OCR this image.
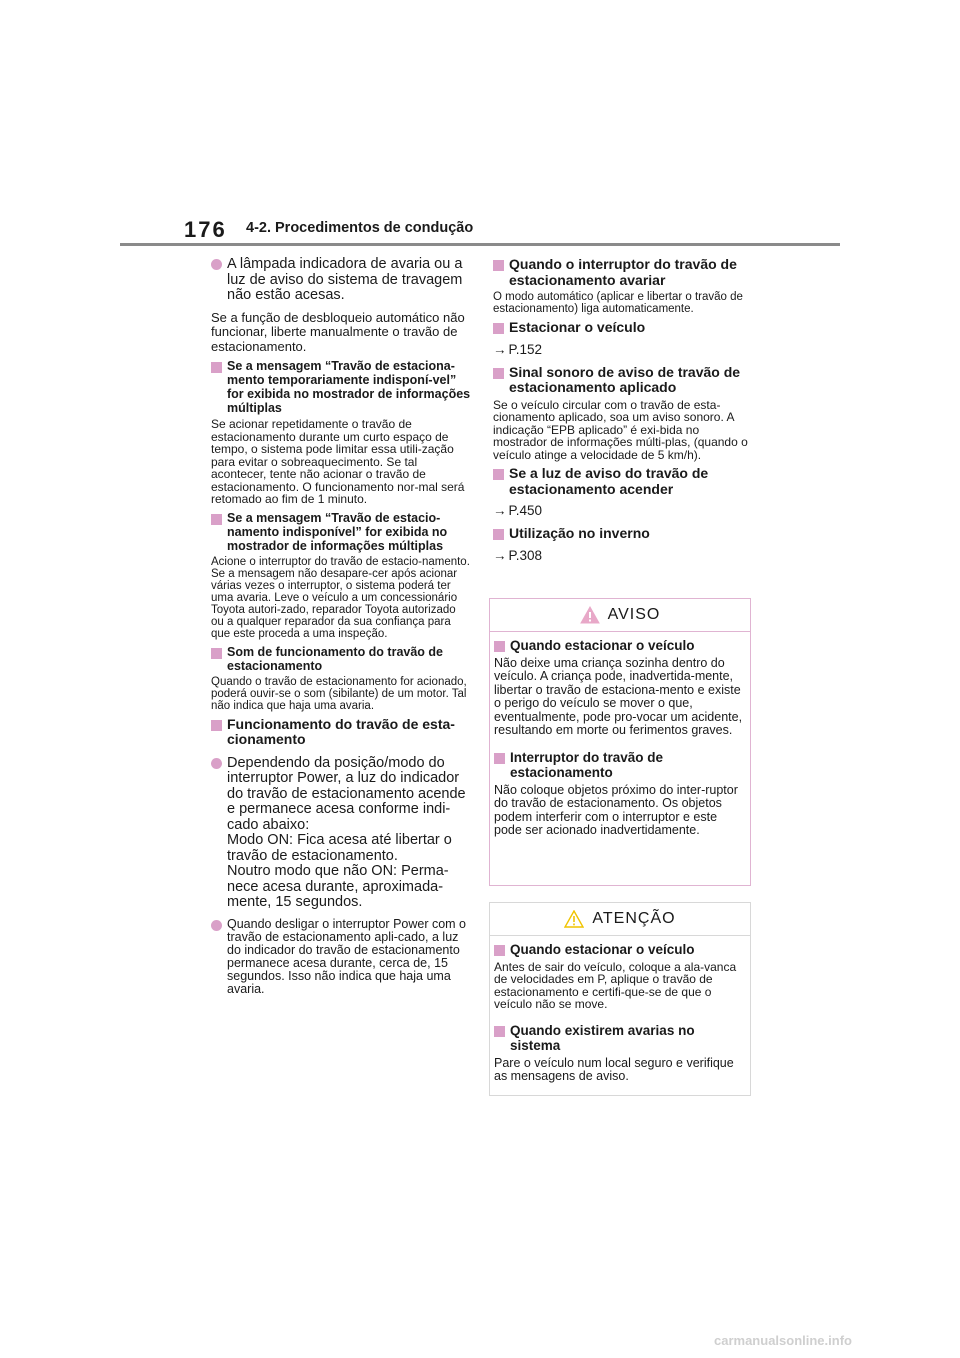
176 4-2. Procedimentos de condução
A lâmpada indicadora de avaria ou a luz de aviso do sistema de travagem não estão acesas.
Se a função de desbloqueio automático não funcionar, liberte manualmente o travão de estacionamento.
Se a mensagem “Travão de estaciona-mento temporariamente indisponí-vel” for exibida no mostrador de informações múltiplas
Se acionar repetidamente o travão de estacionamento durante um curto espaço de tempo, o sistema pode limitar essa utili-zação para evitar o sobreaquecimento. Se tal acontecer, tente não acionar o travão de estacionamento. O funcionamento nor-mal será retomado ao fim de 1 minuto.
Se a mensagem “Travão de estacio-namento indisponível” for exibida no mostrador de informações múltiplas
Acione o interruptor do travão de estacio-namento. Se a mensagem não desapare-cer após acionar várias vezes o interruptor, o sistema poderá ter uma avaria. Leve o veículo a um concessionário Toyota autori-zado, reparador Toyota autorizado ou a qualquer reparador da sua confiança para que este proceda a uma inspeção.
Som de funcionamento do travão de estacionamento
Quando o travão de estacionamento for acionado, poderá ouvir-se o som (sibilante) de um motor. Tal não indica que haja uma avaria.
Funcionamento do travão de esta-cionamento
Dependendo da posição/modo do interruptor Power, a luz do indicador do travão de estacionamento acende e permanece acesa conforme indi-cado abaixo:
Modo ON: Fica acesa até libertar o travão de estacionamento.
Noutro modo que não ON: Perma-nece acesa durante, aproximada-mente, 15 segundos.
Quando desligar o interruptor Power com o travão de estacionamento apli-cado, a luz do indicador do travão de estacionamento permanece acesa durante, cerca de, 15 segundos. Isso não indica que haja uma avaria.
Quando o interruptor do travão de estacionamento avariar
O modo automático (aplicar e libertar o travão de estacionamento) liga automaticamente.
Estacionar o veículo
→ P.152
Sinal sonoro de aviso de travão de estacionamento aplicado
Se o veículo circular com o travão de esta-cionamento aplicado, soa um aviso sonoro. A indicação “EPB aplicado” é exi-bida no mostrador de informações múlti-plas, (quando o veículo atinge a velocidade de 5 km/h).
Se a luz de aviso do travão de estacionamento acender
→ P.450
Utilização no inverno
→ P.308
AVISO
Quando estacionar o veículo
Não deixe uma criança sozinha dentro do veículo. A criança pode, inadvertida-mente, libertar o travão de estaciona-mento e existe o perigo do veículo se mover o que, eventualmente, pode pro-vocar um acidente, resultando em morte ou ferimentos graves.
Interruptor do travão de estacionamento
Não coloque objetos próximo do inter-ruptor do travão de estacionamento. Os objetos podem interferir com o interruptor e este pode ser acionado inadvertidamente.
ATENÇÃO
Quando estacionar o veículo
Antes de sair do veículo, coloque a ala-vanca de velocidades em P, aplique o travão de estacionamento e certifi-que-se de que o veículo não se move.
Quando existirem avarias no sistema
Pare o veículo num local seguro e verifique as mensagens de aviso.
carmanualsonline.info
